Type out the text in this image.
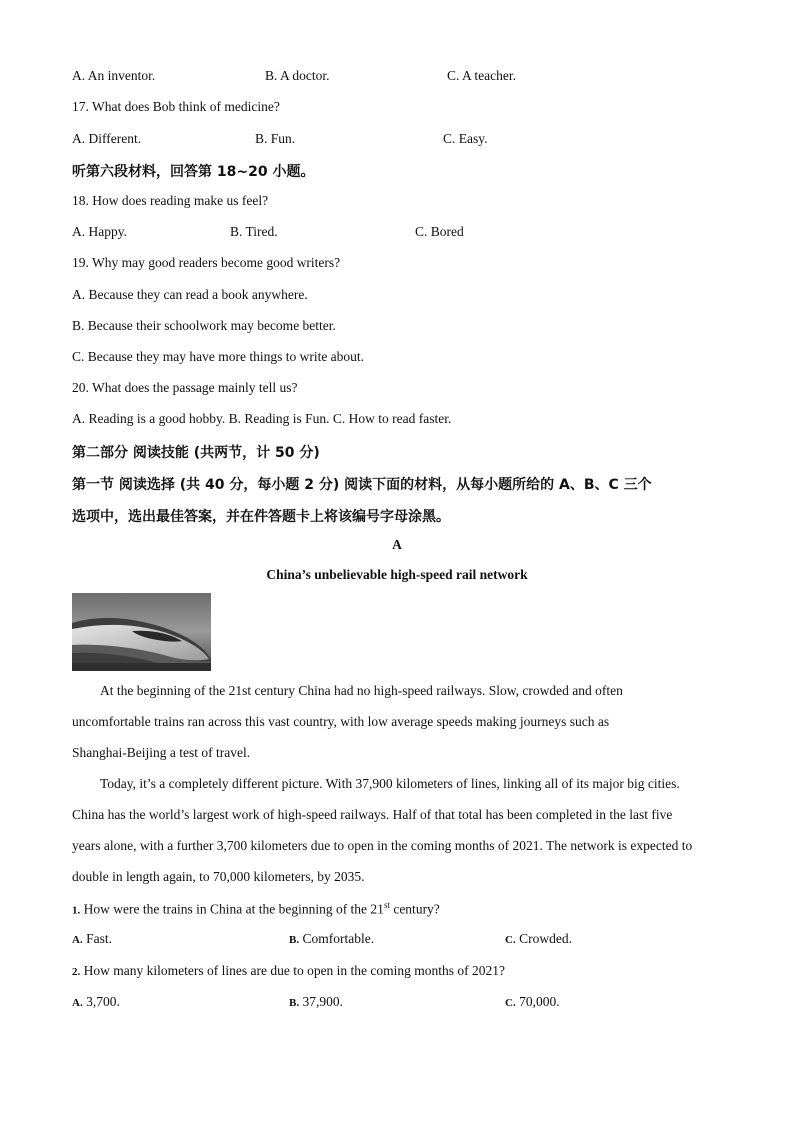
A. An inventor.	B. A doctor.	C. A teacher.
17. What does Bob think of medicine?
A. Different.	B. Fun.	C. Easy.
听第六段材料，回答第 18~20 小题。
18. How does reading make us feel?
A. Happy.	B. Tired.	C. Bored
19. Why may good readers become good writers?
A. Because they can read a book anywhere.
B. Because their schoolwork may become better.
C. Because they may have more things to write about.
20. What does the passage mainly tell us?
A. Reading is a good hobby. B. Reading is Fun. C. How to read faster.
第二部分 阅读技能 (共两节，计 50 分)
第一节 阅读选择 (共 40 分，每小题 2 分) 阅读下面的材料，从每小题所给的 A、B、C 三个
选项中，选出最佳答案，并在件答题卡上将该编号字母涂黑。
A
China’s unbelievable high-speed rail network
At the beginning of the 21st century China had no high-speed railways. Slow, crowded and often
uncomfortable trains ran across this vast country, with low average speeds making journeys such as
Shanghai-Beijing a test of travel.
Today, it’s a completely different picture. With 37,900 kilometers of lines, linking all of its major big cities.
China has the world’s largest work of high-speed railways. Half of that total has been completed in the last five
years alone, with a further 3,700 kilometers due to open in the coming months of 2021. The network is expected to
double in length again, to 70,000 kilometers, by 2035.
1. How were the trains in China at the beginning of the 21st century?
A. Fast.	B. Comfortable.	C. Crowded.
2. How many kilometers of lines are due to open in the coming months of 2021?
A. 3,700.	B. 37,900.	C. 70,000.
